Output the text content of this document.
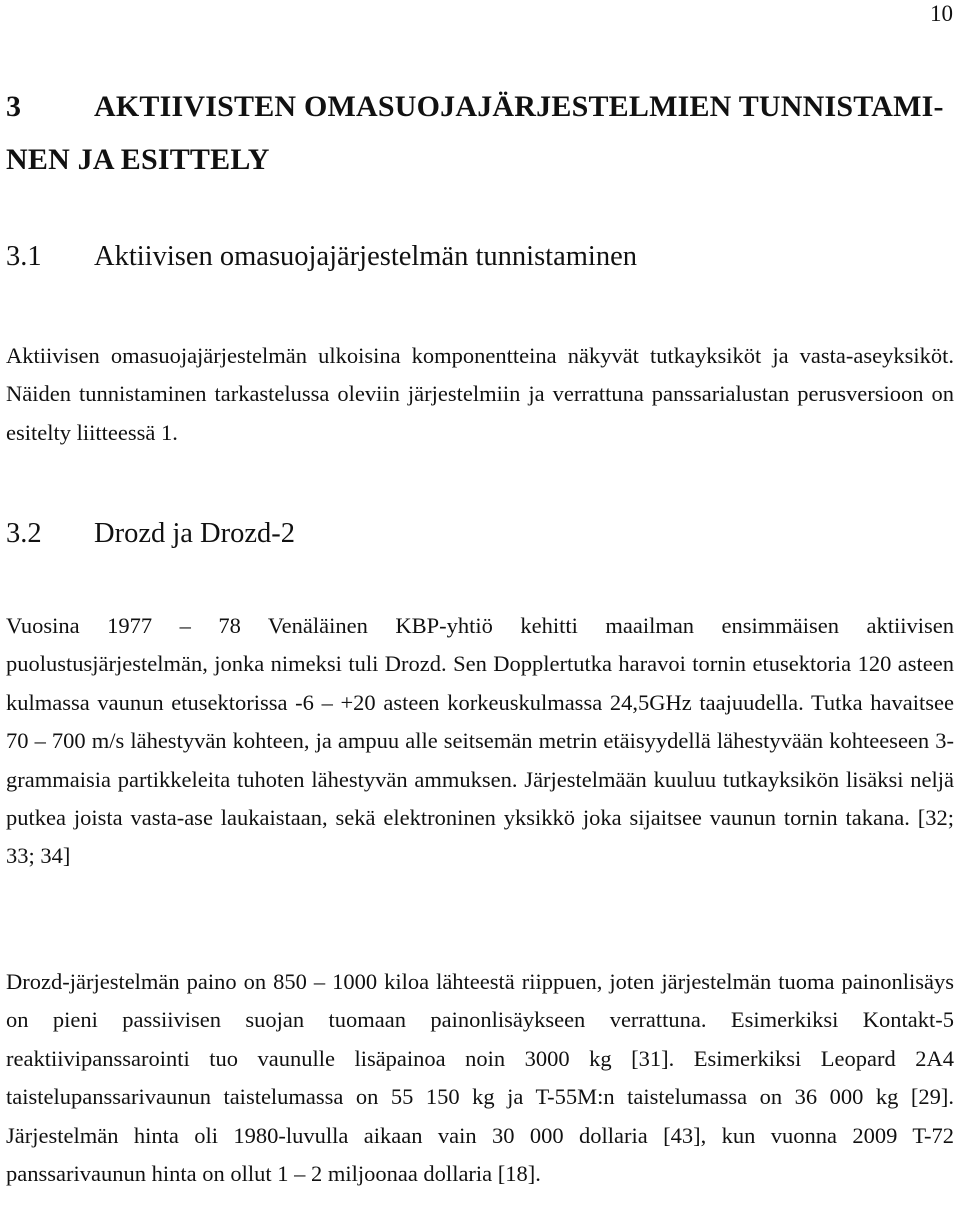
10
3 AKTIIVISTEN OMASUOJAJÄRJESTELMIEN TUNNISTAMI-NEN JA ESITTELY
3.1 Aktiivisen omasuojajärjestelmän tunnistaminen

Aktiivisen omasuojajärjestelmän ulkoisina komponentteina näkyvät tutkayksiköt ja vasta-aseyksiköt. Näiden tunnistaminen tarkastelussa oleviin järjestelmiin ja verrattuna panssarialustan perusversioon on esitelty liitteessä 1.

3.2 Drozd ja Drozd-2

Vuosina 1977 – 78 Venäläinen KBP-yhtiö kehitti maailman ensimmäisen aktiivisen puolustusjärjestelmän, jonka nimeksi tuli Drozd. Sen Dopplertutka haravoi tornin etusektoria 120 asteen kulmassa vaunun etusektorissa -6 – +20 asteen korkeuskulmassa 24,5GHz taajuudella. Tutka havaitsee 70 – 700 m/s lähestyvän kohteen, ja ampuu alle seitsemän metrin etäisyydellä lähestyvään kohteeseen 3-grammaisia partikkeleita tuhoten lähestyvän ammuksen. Järjestelmään kuuluu tutkayksikön lisäksi neljä putkea joista vasta-ase laukaistaan, sekä elektroninen yksikkö joka sijaitsee vaunun tornin takana. [32; 33; 34]

Drozd-järjestelmän paino on 850 – 1000 kiloa lähteestä riippuen, joten järjestelmän tuoma painonlisäys on pieni passiivisen suojan tuomaan painonlisäykseen verrattuna. Esimerkiksi Kontakt-5 reaktiivipanssarointi tuo vaunulle lisäpainoa noin 3000 kg [31]. Esimerkiksi Leopard 2A4 taistelupanssarivaunun taistelumassa on 55 150 kg ja T-55M:n taistelumassa on 36 000 kg [29]. Järjestelmän hinta oli 1980-luvulla aikaan vain 30 000 dollaria [43], kun vuonna 2009 T-72 panssarivaunun hinta on ollut 1 – 2 miljoonaa dollaria [18].
